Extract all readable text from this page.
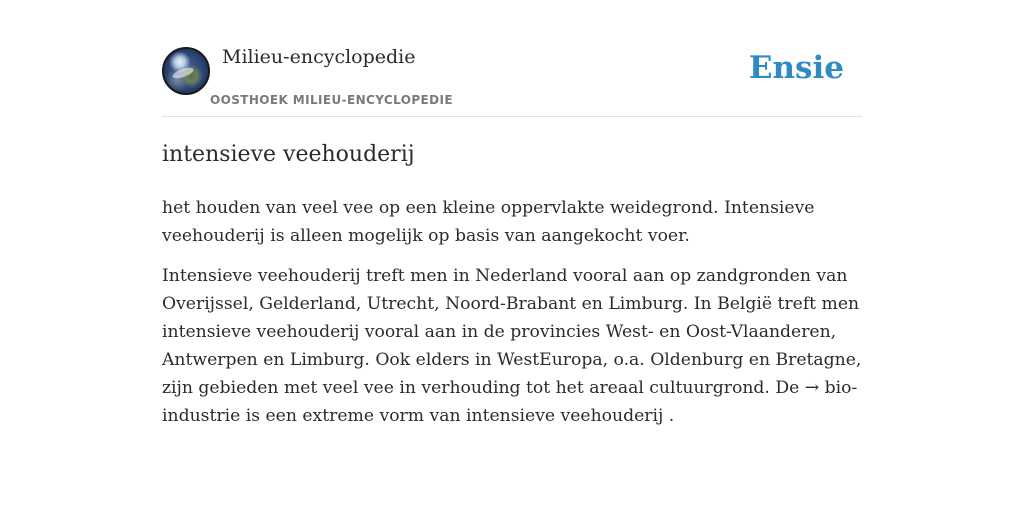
Milieu-encyclopedie
OOSTHOEK MILIEU-ENCYCLOPEDIE
Ensie
intensieve veehouderij

het houden van veel vee op een kleine oppervlakte weidegrond. Intensieve veehouderij is alleen mogelijk op basis van aangekocht voer.

Intensieve veehouderij treft men in Nederland vooral aan op zandgronden van Overijssel, Gelderland, Utrecht, Noord-Brabant en Limburg. In België treft men intensieve veehouderij vooral aan in de provincies West- en Oost-Vlaanderen, Antwerpen en Limburg. Ook elders in WestEuropa, o.a. Oldenburg en Bretagne, zijn gebieden met veel vee in verhouding tot het areaal cultuurgrond. De → bio-industrie is een extreme vorm van intensieve veehouderij .
